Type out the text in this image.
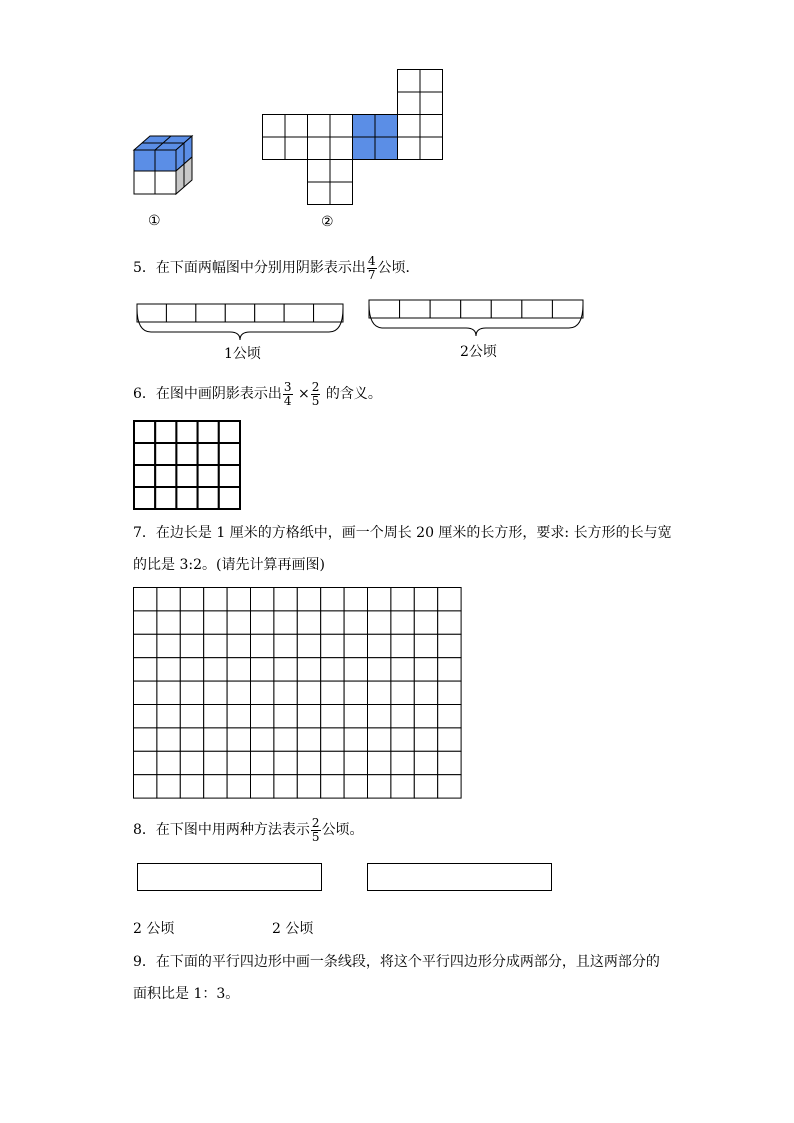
①	②
5．在下面两幅图中分别用阴影表示出 $\frac{4}{7}$ 公顷．
1公顷	2公顷
6．在图中画阴影表示出 $\frac{3}{4} \times \frac{2}{5}$ 的含义。
7．在边长是 1 厘米的方格纸中，画一个周长 20 厘米的长方形，要求: 长方形的长与宽
的比是 3:2。(请先计算再画图)
8．在下图中用两种方法表示 $\frac{2}{5}$ 公顷。
2 公顷	2 公顷
9．在下面的平行四边形中画一条线段，将这个平行四边形分成两部分，且这两部分的
面积比是 1：3。
